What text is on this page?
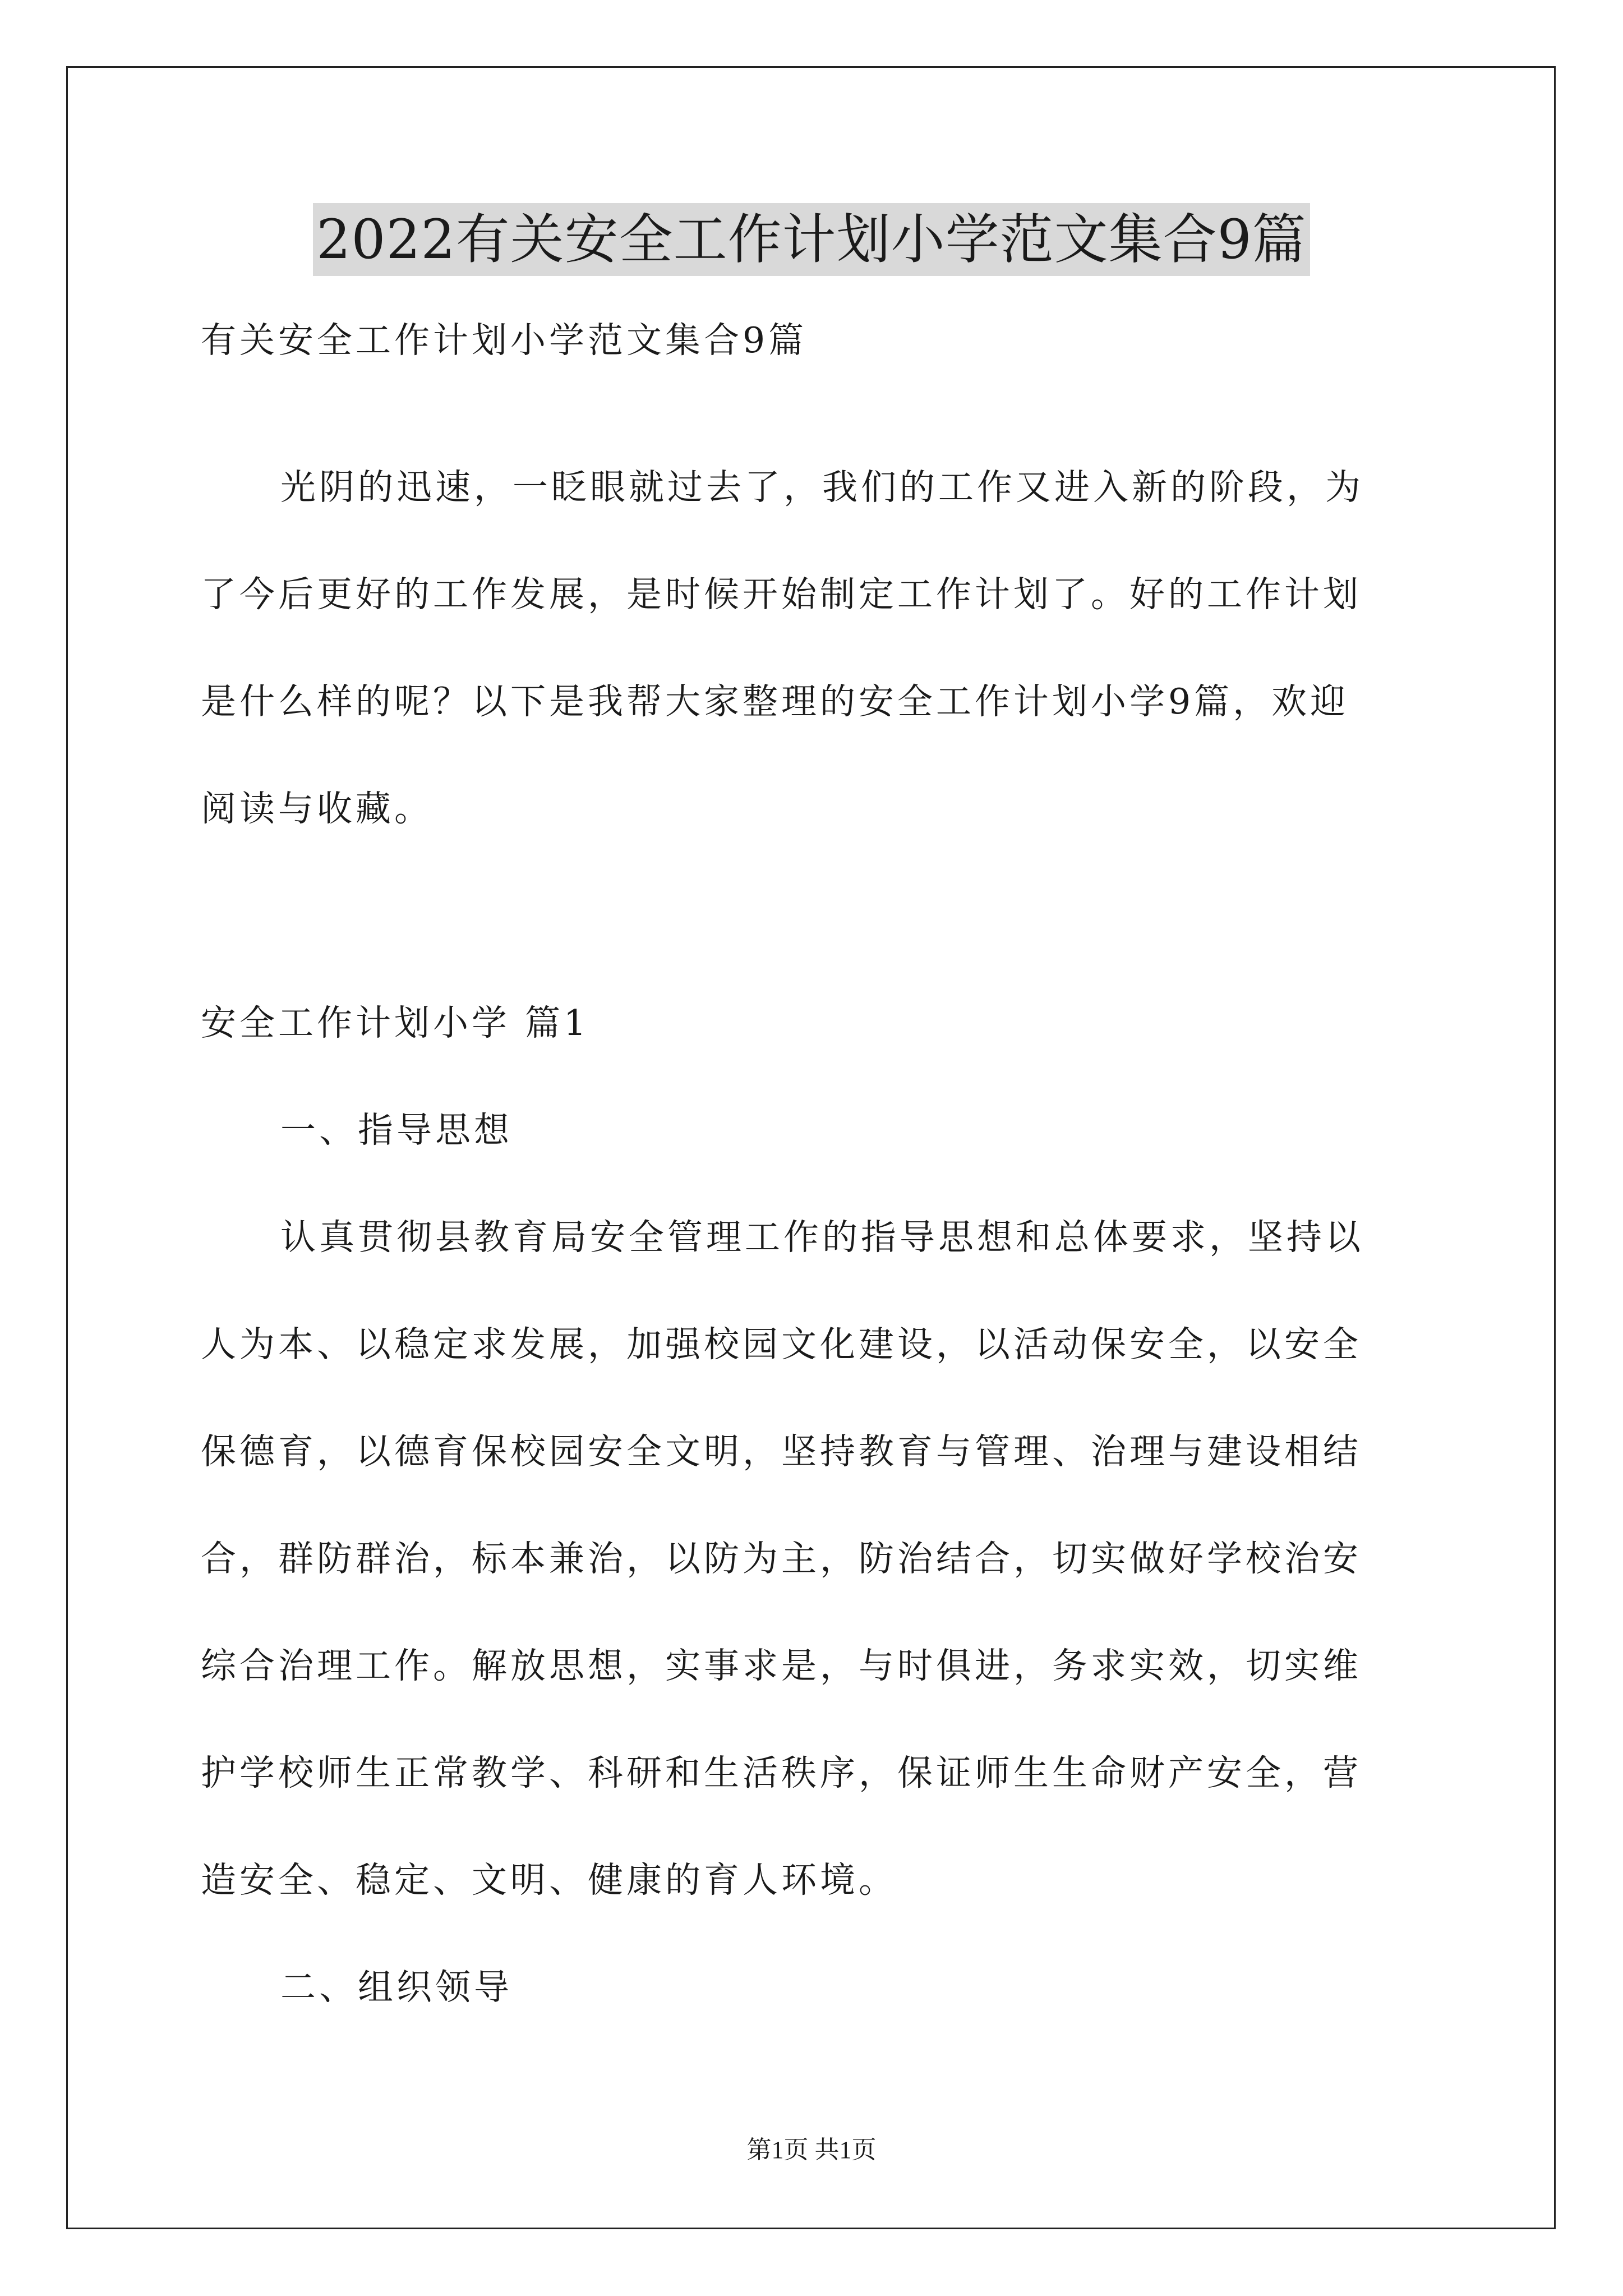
2022有关安全工作计划小学范文集合9篇
有关安全工作计划小学范文集合9篇
光阴的迅速，一眨眼就过去了，我们的工作又进入新的阶段，为
了今后更好的工作发展，是时候开始制定工作计划了。好的工作计划
是什么样的呢？以下是我帮大家整理的安全工作计划小学9篇，欢迎
阅读与收藏。
安全工作计划小学 篇1
一、指导思想
认真贯彻县教育局安全管理工作的指导思想和总体要求，坚持以
人为本、以稳定求发展，加强校园文化建设，以活动保安全，以安全
保德育，以德育保校园安全文明，坚持教育与管理、治理与建设相结
合，群防群治，标本兼治，以防为主，防治结合，切实做好学校治安
综合治理工作。解放思想，实事求是，与时俱进，务求实效，切实维
护学校师生正常教学、科研和生活秩序，保证师生生命财产安全，营
造安全、稳定、文明、健康的育人环境。
二、组织领导
第1页 共1页
